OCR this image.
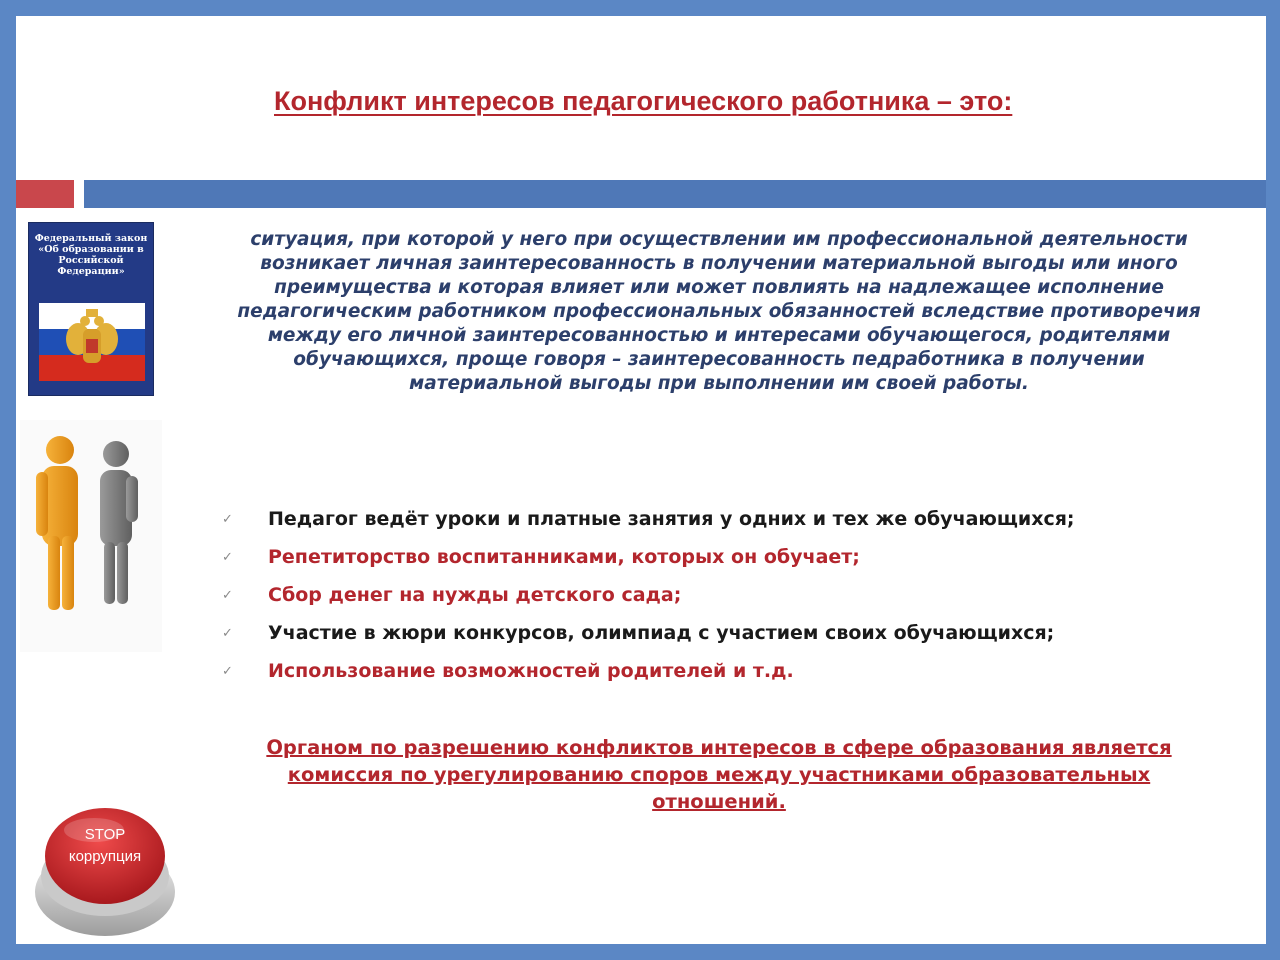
Конфликт интересов педагогического работника – это:

Федеральный закон «Об образовании в Российской Федерации»

ситуация, при которой у него при осуществлении им профессиональной деятельности возникает личная заинтересованность в получении материальной выгоды или иного преимущества и которая влияет или может повлиять на надлежащее исполнение педагогическим работником профессиональных обязанностей вследствие противоречия между его личной заинтересованностью и интересами обучающегося, родителями обучающихся, проще говоря – заинтересованность педработника в получении материальной выгоды при выполнении им своей работы.

✓	Педагог ведёт уроки и платные занятия у одних и тех же обучающихся;
✓	Репетиторство воспитанниками, которых он обучает;
✓	Сбор денег на нужды детского сада;
✓	Участие в жюри конкурсов, олимпиад с участием своих обучающихся;
✓	Использование возможностей родителей и т.д.

Органом по разрешению конфликтов интересов в сфере образования является комиссия по урегулированию споров между участниками образовательных отношений.

STOP
коррупция
